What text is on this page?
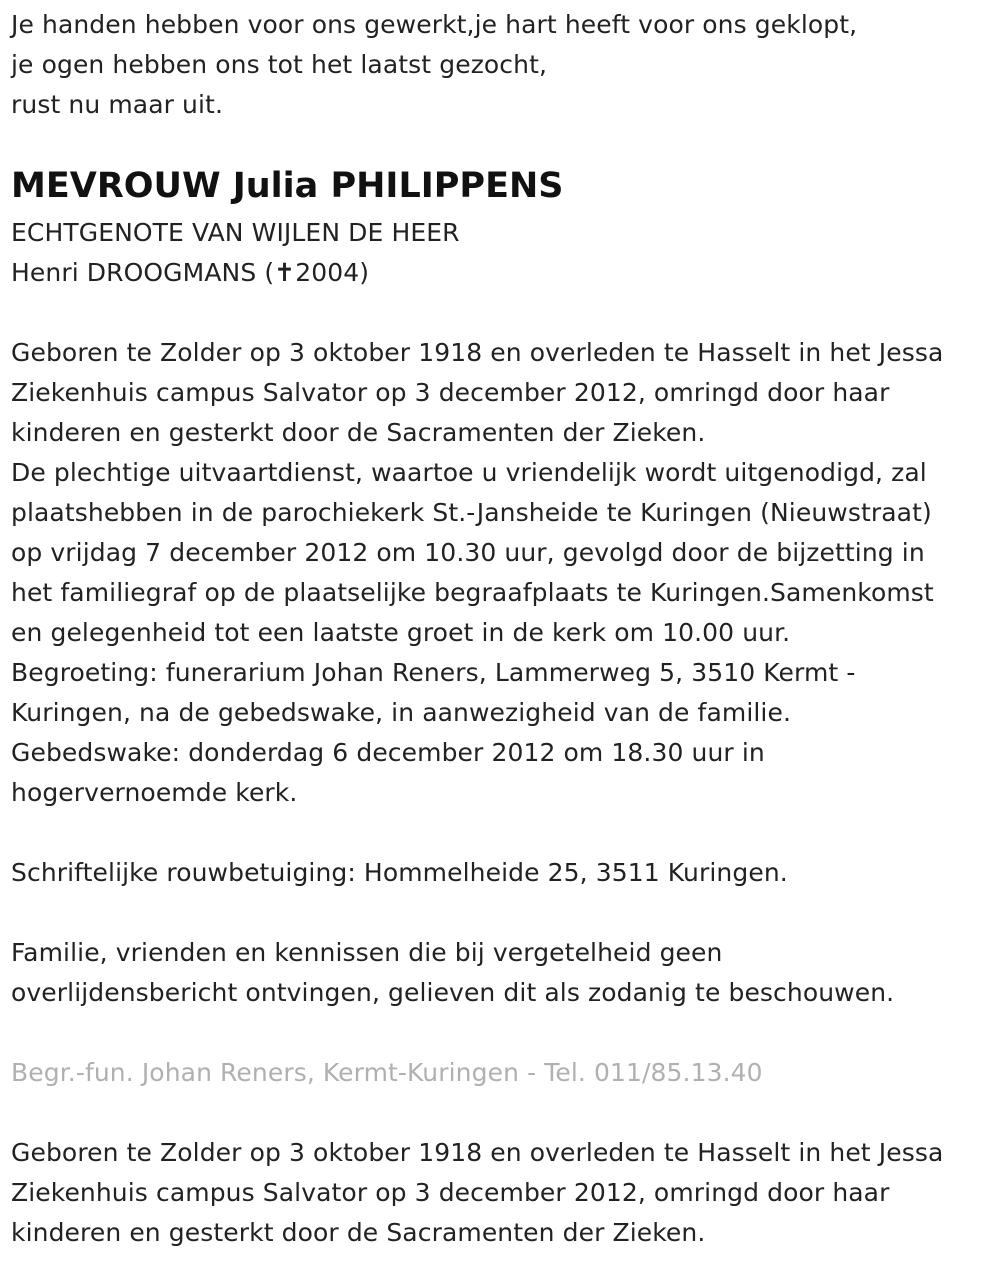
Je handen hebben voor ons gewerkt,je hart heeft voor ons geklopt,

je ogen hebben ons tot het laatst gezocht,

rust nu maar uit.

MEVROUW Julia PHILIPPENS

ECHTGENOTE VAN WIJLEN DE HEER

Henri DROOGMANS (✝2004)

Geboren te Zolder op 3 oktober 1918 en overleden te Hasselt in het Jessa

Ziekenhuis campus Salvator op 3 december 2012, omringd door haar

kinderen en gesterkt door de Sacramenten der Zieken.

De plechtige uitvaartdienst, waartoe u vriendelijk wordt uitgenodigd, zal

plaatshebben in de parochiekerk St.-Jansheide te Kuringen (Nieuwstraat)

op vrijdag 7 december 2012 om 10.30 uur, gevolgd door de bijzetting in

het familiegraf op de plaatselijke begraafplaats te Kuringen.Samenkomst

en gelegenheid tot een laatste groet in de kerk om 10.00 uur.

Begroeting: funerarium Johan Reners, Lammerweg 5, 3510 Kermt -

Kuringen, na de gebedswake, in aanwezigheid van de familie.

Gebedswake: donderdag 6 december 2012 om 18.30 uur in

hogervernoemde kerk.

Schriftelijke rouwbetuiging: Hommelheide 25, 3511 Kuringen.

Familie, vrienden en kennissen die bij vergetelheid geen

overlijdensbericht ontvingen, gelieven dit als zodanig te beschouwen.

Begr.-fun. Johan Reners, Kermt-Kuringen - Tel. 011/85.13.40

Geboren te Zolder op 3 oktober 1918 en overleden te Hasselt in het Jessa

Ziekenhuis campus Salvator op 3 december 2012, omringd door haar

kinderen en gesterkt door de Sacramenten der Zieken.
